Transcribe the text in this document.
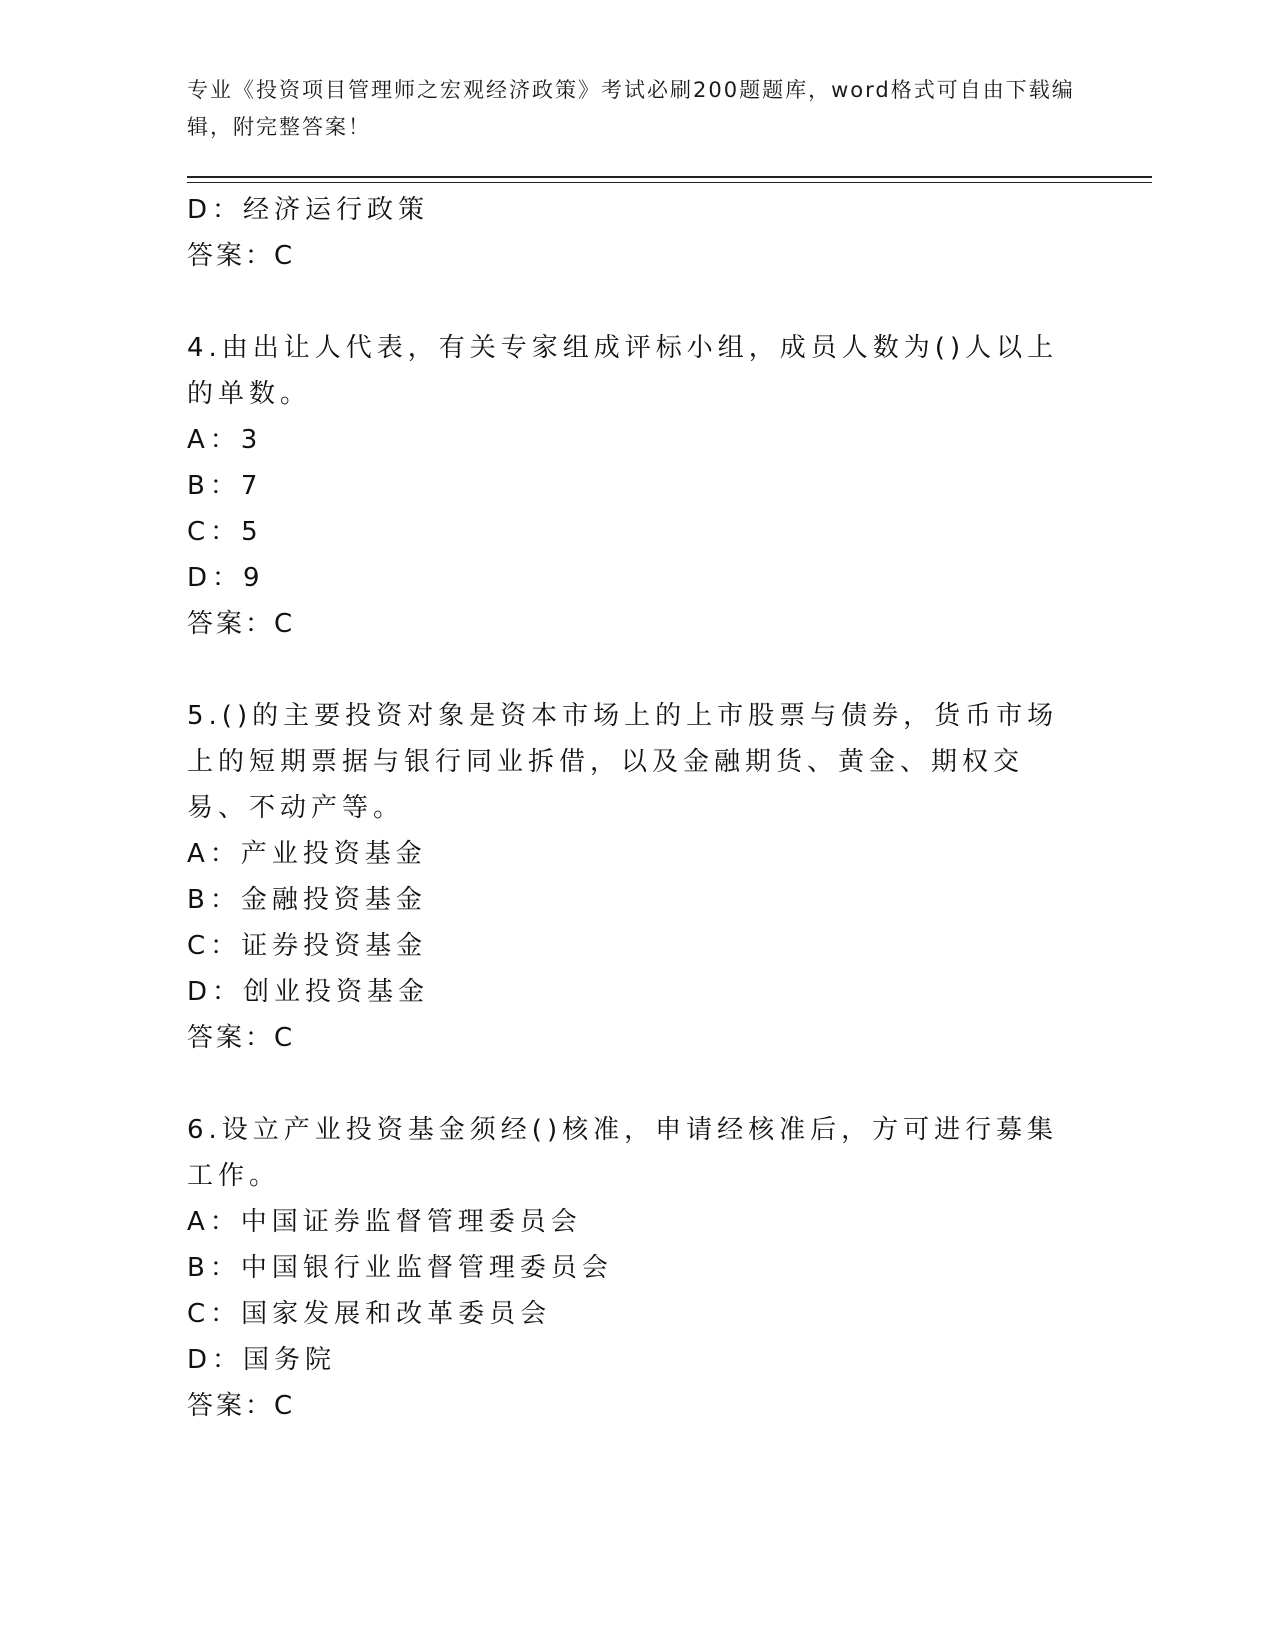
专业《投资项目管理师之宏观经济政策》考试必刷200题题库，word格式可自由下载编辑，附完整答案！
D：经济运行政策
答案：C
4.由出让人代表，有关专家组成评标小组，成员人数为()人以上的单数。
A：3
B：7
C：5
D：9
答案：C
5.()的主要投资对象是资本市场上的上市股票与债券，货币市场上的短期票据与银行同业拆借，以及金融期货、黄金、期权交易、不动产等。
A：产业投资基金
B：金融投资基金
C：证券投资基金
D：创业投资基金
答案：C
6.设立产业投资基金须经()核准，申请经核准后，方可进行募集工作。
A：中国证券监督管理委员会
B：中国银行业监督管理委员会
C：国家发展和改革委员会
D：国务院
答案：C
